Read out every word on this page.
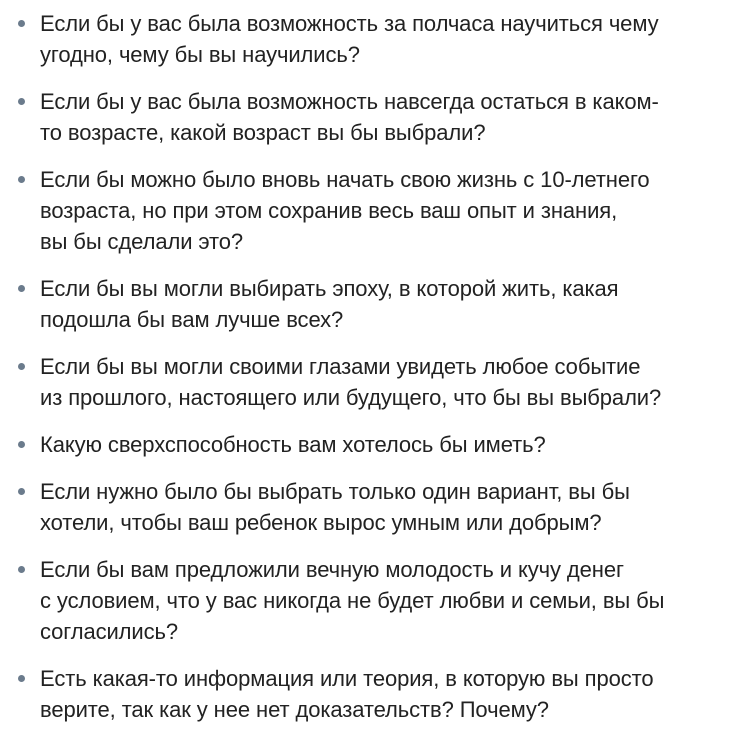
Если бы у вас была возможность за полчаса научиться чему
угодно, чему бы вы научились?
Если бы у вас была возможность навсегда остаться в каком-
то возрасте, какой возраст вы бы выбрали?
Если бы можно было вновь начать свою жизнь с 10-летнего
возраста, но при этом сохранив весь ваш опыт и знания,
вы бы сделали это?
Если бы вы могли выбирать эпоху, в которой жить, какая
подошла бы вам лучше всех?
Если бы вы могли своими глазами увидеть любое событие
из прошлого, настоящего или будущего, что бы вы выбрали?
Какую сверхспособность вам хотелось бы иметь?
Если нужно было бы выбрать только один вариант, вы бы
хотели, чтобы ваш ребенок вырос умным или добрым?
Если бы вам предложили вечную молодость и кучу денег
с условием, что у вас никогда не будет любви и семьи, вы бы
согласились?
Есть какая-то информация или теория, в которую вы просто
верите, так как у нее нет доказательств? Почему?
